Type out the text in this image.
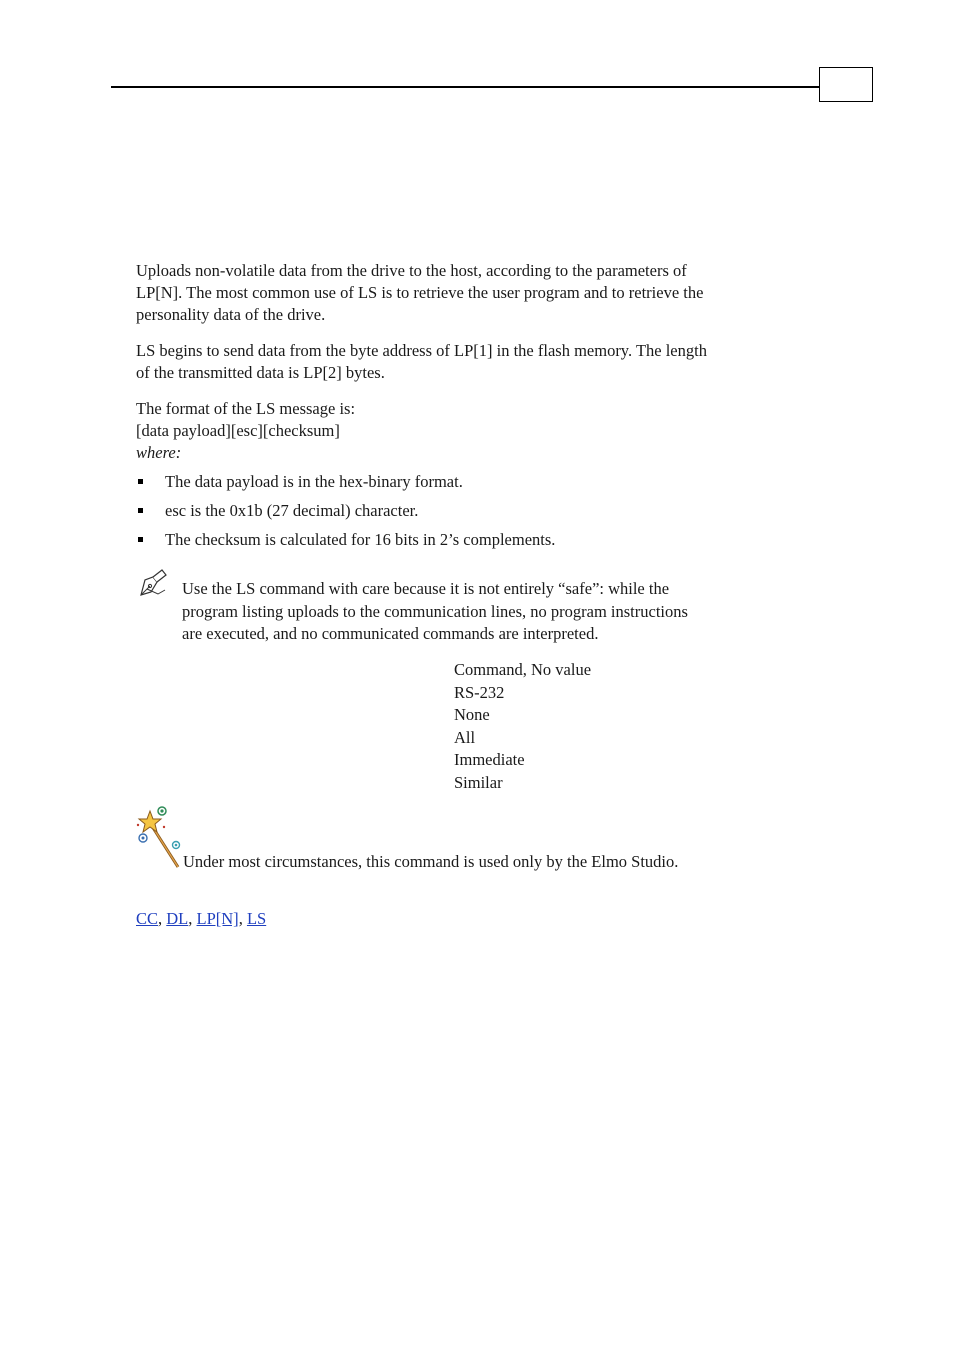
Uploads non-volatile data from the drive to the host, according to the parameters of
LP[N]. The most common use of LS is to retrieve the user program and to retrieve the
personality data of the drive.

LS begins to send data from the byte address of LP[1] in the flash memory. The length
of the transmitted data is LP[2] bytes.

The format of the LS message is:
[data payload][esc][checksum]
where:

The data payload is in the hex-binary format.
esc is the 0x1b (27 decimal) character.
The checksum is calculated for 16 bits in 2’s complements.
Use the LS command with care because it is not entirely “safe”: while the
program listing uploads to the communication lines, no program instructions
are executed, and no communicated commands are interpreted.
Command, No value
RS-232
None
All
Immediate
Similar
Under most circumstances, this command is used only by the Elmo Studio.
CC, DL, LP[N], LS
